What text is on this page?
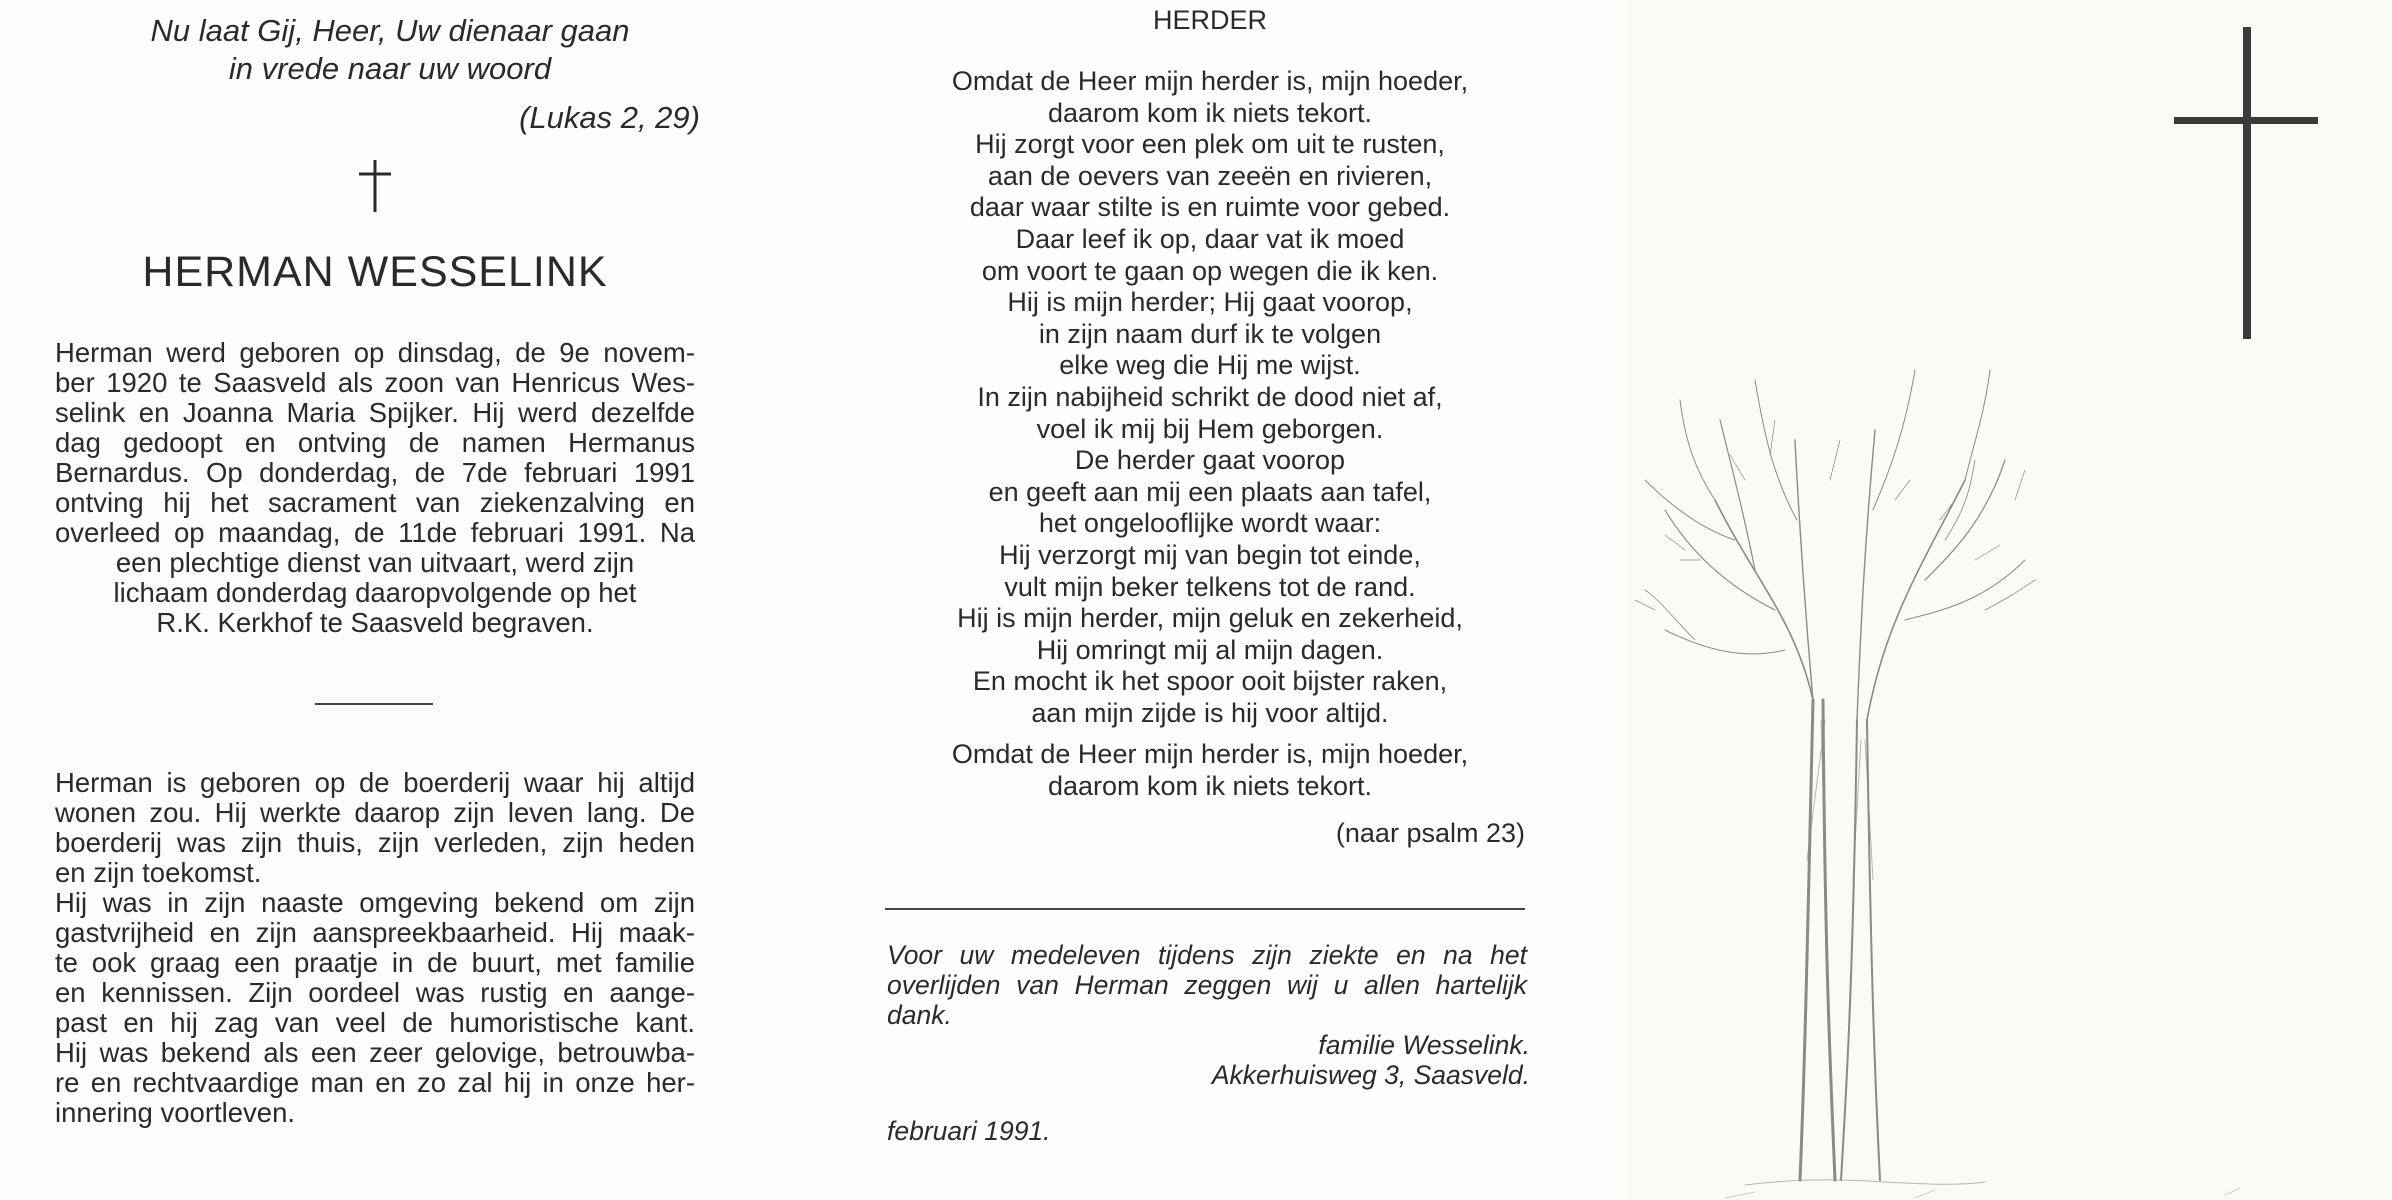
Nu laat Gij, Heer, Uw dienaar gaan
in vrede naar uw woord
(Lukas 2, 29)
HERMAN WESSELINK
Herman werd geboren op dinsdag, de 9e novem-
ber 1920 te Saasveld als zoon van Henricus Wes-
selink en Joanna Maria Spijker. Hij werd dezelfde
dag gedoopt en ontving de namen Hermanus
Bernardus. Op donderdag, de 7de februari 1991
ontving hij het sacrament van ziekenzalving en
overleed op maandag, de 11de februari 1991. Na
een plechtige dienst van uitvaart, werd zijn
lichaam donderdag daaropvolgende op het
R.K. Kerkhof te Saasveld begraven.
Herman is geboren op de boerderij waar hij altijd
wonen zou. Hij werkte daarop zijn leven lang. De
boerderij was zijn thuis, zijn verleden, zijn heden
en zijn toekomst.
Hij was in zijn naaste omgeving bekend om zijn
gastvrijheid en zijn aanspreekbaarheid. Hij maak-
te ook graag een praatje in de buurt, met familie
en kennissen. Zijn oordeel was rustig en aange-
past en hij zag van veel de humoristische kant.
Hij was bekend als een zeer gelovige, betrouwba-
re en rechtvaardige man en zo zal hij in onze her-
innering voortleven.
HERDER
Omdat de Heer mijn herder is, mijn hoeder,
daarom kom ik niets tekort.
Hij zorgt voor een plek om uit te rusten,
aan de oevers van zeeën en rivieren,
daar waar stilte is en ruimte voor gebed.
Daar leef ik op, daar vat ik moed
om voort te gaan op wegen die ik ken.
Hij is mijn herder; Hij gaat voorop,
in zijn naam durf ik te volgen
elke weg die Hij me wijst.
In zijn nabijheid schrikt de dood niet af,
voel ik mij bij Hem geborgen.
De herder gaat voorop
en geeft aan mij een plaats aan tafel,
het ongelooflijke wordt waar:
Hij verzorgt mij van begin tot einde,
vult mijn beker telkens tot de rand.
Hij is mijn herder, mijn geluk en zekerheid,
Hij omringt mij al mijn dagen.
En mocht ik het spoor ooit bijster raken,
aan mijn zijde is hij voor altijd.
Omdat de Heer mijn herder is, mijn hoeder,
daarom kom ik niets tekort.
(naar psalm 23)
Voor uw medeleven tijdens zijn ziekte en na het
overlijden van Herman zeggen wij u allen hartelijk
dank.
familie Wesselink.
Akkerhuisweg 3, Saasveld.
februari 1991.
